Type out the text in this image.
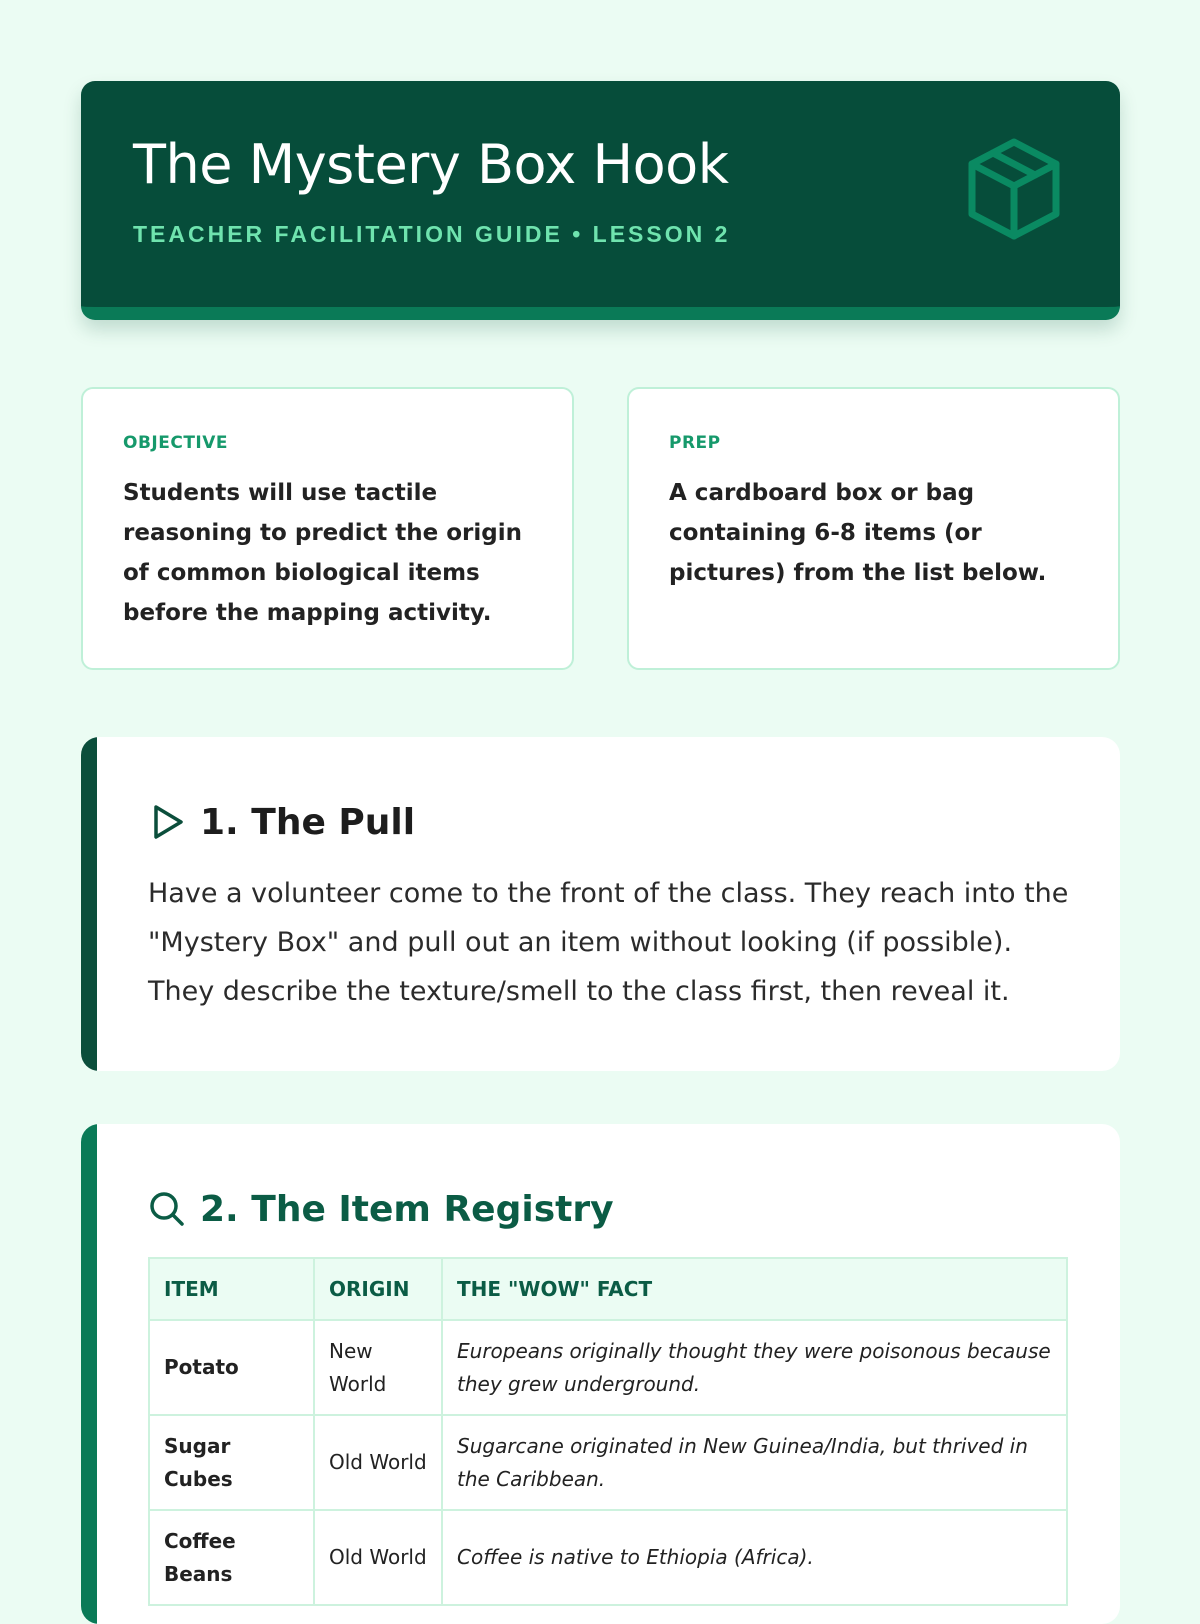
The Mystery Box Hook
TEACHER FACILITATION GUIDE • LESSON 2
OBJECTIVE
Students will use tactile reasoning to predict the origin of common biological items before the mapping activity.
PREP
A cardboard box or bag containing 6-8 items (or pictures) from the list below.
1. The Pull
Have a volunteer come to the front of the class. They reach into the "Mystery Box" and pull out an item without looking (if possible). They describe the texture/smell to the class first, then reveal it.
2. The Item Registry
ITEM	ORIGIN	THE "WOW" FACT
Potato	New World	Europeans originally thought they were poisonous because they grew underground.
Sugar Cubes	Old World	Sugarcane originated in New Guinea/India, but thrived in the Caribbean.
Coffee Beans	Old World	Coffee is native to Ethiopia (Africa).
